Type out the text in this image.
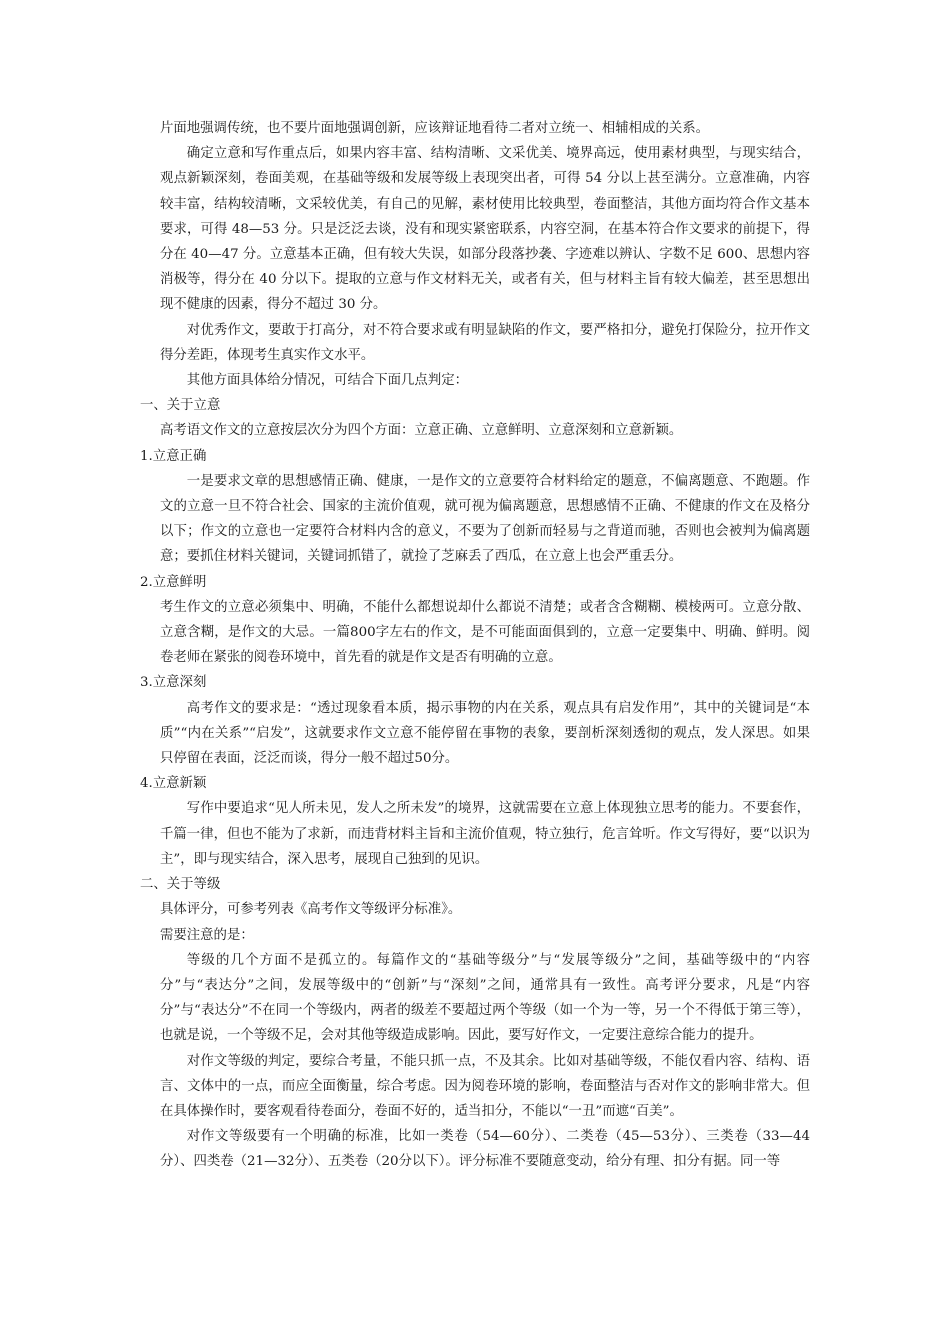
片面地强调传统，也不要片面地强调创新，应该辩证地看待二者对立统一、相辅相成的关系。

确定立意和写作重点后，如果内容丰富、结构清晰、文采优美、境界高远，使用素材典型，与现实结合，观点新颖深刻，卷面美观，在基础等级和发展等级上表现突出者，可得 54 分以上甚至满分。立意准确，内容较丰富，结构较清晰，文采较优美，有自己的见解，素材使用比较典型，卷面整洁，其他方面均符合作文基本要求，可得 48—53 分。只是泛泛去谈，没有和现实紧密联系，内容空洞，在基本符合作文要求的前提下，得分在 40—47 分。立意基本正确，但有较大失误，如部分段落抄袭、字迹难以辨认、字数不足 600、思想内容消极等，得分在 40 分以下。提取的立意与作文材料无关，或者有关，但与材料主旨有较大偏差，甚至思想出现不健康的因素，得分不超过 30 分。

对优秀作文，要敢于打高分，对不符合要求或有明显缺陷的作文，要严格扣分，避免打保险分，拉开作文得分差距，体现考生真实作文水平。

其他方面具体给分情况，可结合下面几点判定：

一、关于立意

高考语文作文的立意按层次分为四个方面：立意正确、立意鲜明、立意深刻和立意新颖。

1.立意正确

一是要求文章的思想感情正确、健康，一是作文的立意要符合材料给定的题意，不偏离题意、不跑题。作文的立意一旦不符合社会、国家的主流价值观，就可视为偏离题意，思想感情不正确、不健康的作文在及格分以下；作文的立意也一定要符合材料内含的意义，不要为了创新而轻易与之背道而驰，否则也会被判为偏离题意；要抓住材料关键词，关键词抓错了，就捡了芝麻丢了西瓜，在立意上也会严重丢分。

2.立意鲜明

考生作文的立意必须集中、明确，不能什么都想说却什么都说不清楚；或者含含糊糊、模棱两可。立意分散、立意含糊，是作文的大忌。一篇800字左右的作文，是不可能面面俱到的，立意一定要集中、明确、鲜明。阅卷老师在紧张的阅卷环境中，首先看的就是作文是否有明确的立意。

3.立意深刻

高考作文的要求是：“透过现象看本质，揭示事物的内在关系，观点具有启发作用”，其中的关键词是“本质”“内在关系”“启发”，这就要求作文立意不能停留在事物的表象，要剖析深刻透彻的观点，发人深思。如果只停留在表面，泛泛而谈，得分一般不超过50分。

4.立意新颖

写作中要追求“见人所未见，发人之所未发”的境界，这就需要在立意上体现独立思考的能力。不要套作，千篇一律，但也不能为了求新，而违背材料主旨和主流价值观，特立独行，危言耸听。作文写得好，要“以识为主”，即与现实结合，深入思考，展现自己独到的见识。

二、关于等级

具体评分，可参考列表《高考作文等级评分标准》。

需要注意的是：

等级的几个方面不是孤立的。每篇作文的“基础等级分”与“发展等级分”之间，基础等级中的“内容分”与“表达分”之间，发展等级中的“创新”与“深刻”之间，通常具有一致性。高考评分要求，凡是“内容分”与“表达分”不在同一个等级内，两者的级差不要超过两个等级（如一个为一等，另一个不得低于第三等），也就是说，一个等级不足，会对其他等级造成影响。因此，要写好作文，一定要注意综合能力的提升。

对作文等级的判定，要综合考量，不能只抓一点，不及其余。比如对基础等级，不能仅看内容、结构、语言、文体中的一点，而应全面衡量，综合考虑。因为阅卷环境的影响，卷面整洁与否对作文的影响非常大。但在具体操作时，要客观看待卷面分，卷面不好的，适当扣分，不能以“一丑”而遮“百美”。

对作文等级要有一个明确的标准，比如一类卷（54—60分）、二类卷（45—53分）、三类卷（33—44分）、四类卷（21—32分）、五类卷（20分以下）。评分标准不要随意变动，给分有理、扣分有据。同一等
